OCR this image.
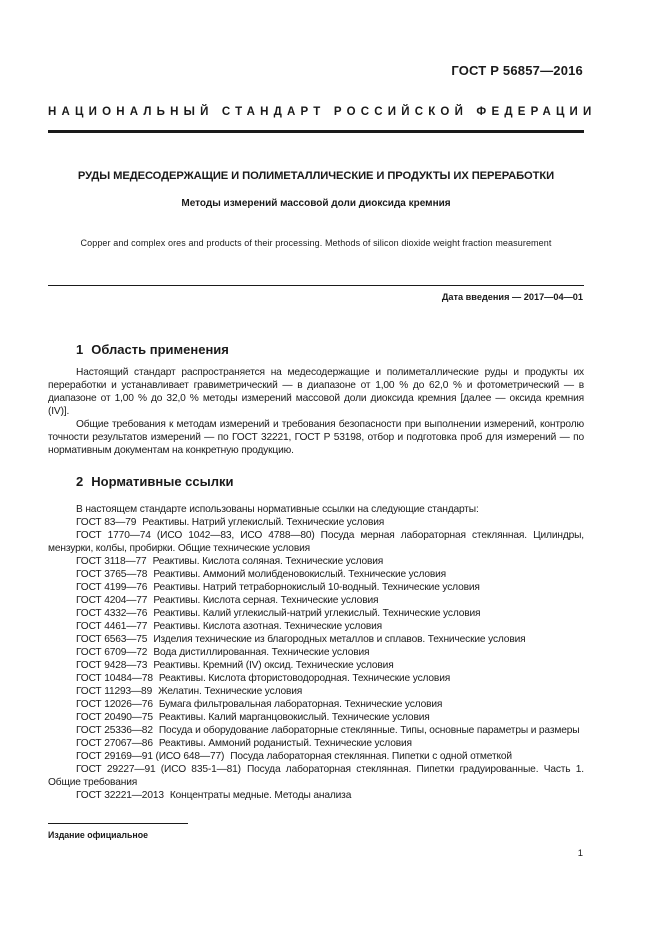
ГОСТ Р 56857—2016
НАЦИОНАЛЬНЫЙ СТАНДАРТ РОССИЙСКОЙ ФЕДЕРАЦИИ
РУДЫ МЕДЕСОДЕРЖАЩИЕ И ПОЛИМЕТАЛЛИЧЕСКИЕ И ПРОДУКТЫ ИХ ПЕРЕРАБОТКИ
Методы измерений массовой доли диоксида кремния
Copper and complex ores and products of their processing. Methods of silicon dioxide weight fraction measurement
Дата введения — 2017—04—01
1 Область применения

Настоящий стандарт распространяется на медесодержащие и полиметаллические руды и продукты их переработки и устанавливает гравиметрический — в диапазоне от 1,00 % до 62,0 % и фотометрический — в диапазоне от 1,00 % до 32,0 % методы измерений массовой доли диоксида кремния [далее — оксида кремния (IV)].

Общие требования к методам измерений и требования безопасности при выполнении измерений, контролю точности результатов измерений — по ГОСТ 32221, ГОСТ Р 53198, отбор и подготовка проб для измерений — по нормативным документам на конкретную продукцию.

2 Нормативные ссылки

В настоящем стандарте использованы нормативные ссылки на следующие стандарты:

ГОСТ 83—79 Реактивы. Натрий углекислый. Технические условия

ГОСТ 1770—74 (ИСО 1042—83, ИСО 4788—80) Посуда мерная лабораторная стеклянная. Цилиндры, мензурки, колбы, пробирки. Общие технические условия

ГОСТ 3118—77 Реактивы. Кислота соляная. Технические условия

ГОСТ 3765—78 Реактивы. Аммоний молибденовокислый. Технические условия

ГОСТ 4199—76 Реактивы. Натрий тетраборнокислый 10-водный. Технические условия

ГОСТ 4204—77 Реактивы. Кислота серная. Технические условия

ГОСТ 4332—76 Реактивы. Калий углекислый-натрий углекислый. Технические условия

ГОСТ 4461—77 Реактивы. Кислота азотная. Технические условия

ГОСТ 6563—75 Изделия технические из благородных металлов и сплавов. Технические условия

ГОСТ 6709—72 Вода дистиллированная. Технические условия

ГОСТ 9428—73 Реактивы. Кремний (IV) оксид. Технические условия

ГОСТ 10484—78 Реактивы. Кислота фтористоводородная. Технические условия

ГОСТ 11293—89 Желатин. Технические условия

ГОСТ 12026—76 Бумага фильтровальная лабораторная. Технические условия

ГОСТ 20490—75 Реактивы. Калий марганцовокислый. Технические условия

ГОСТ 25336—82 Посуда и оборудование лабораторные стеклянные. Типы, основные параметры и размеры

ГОСТ 27067—86 Реактивы. Аммоний роданистый. Технические условия

ГОСТ 29169—91 (ИСО 648—77) Посуда лабораторная стеклянная. Пипетки с одной отметкой

ГОСТ 29227—91 (ИСО 835-1—81) Посуда лабораторная стеклянная. Пипетки градуированные. Часть 1. Общие требования

ГОСТ 32221—2013 Концентраты медные. Методы анализа

Издание официальное
1
